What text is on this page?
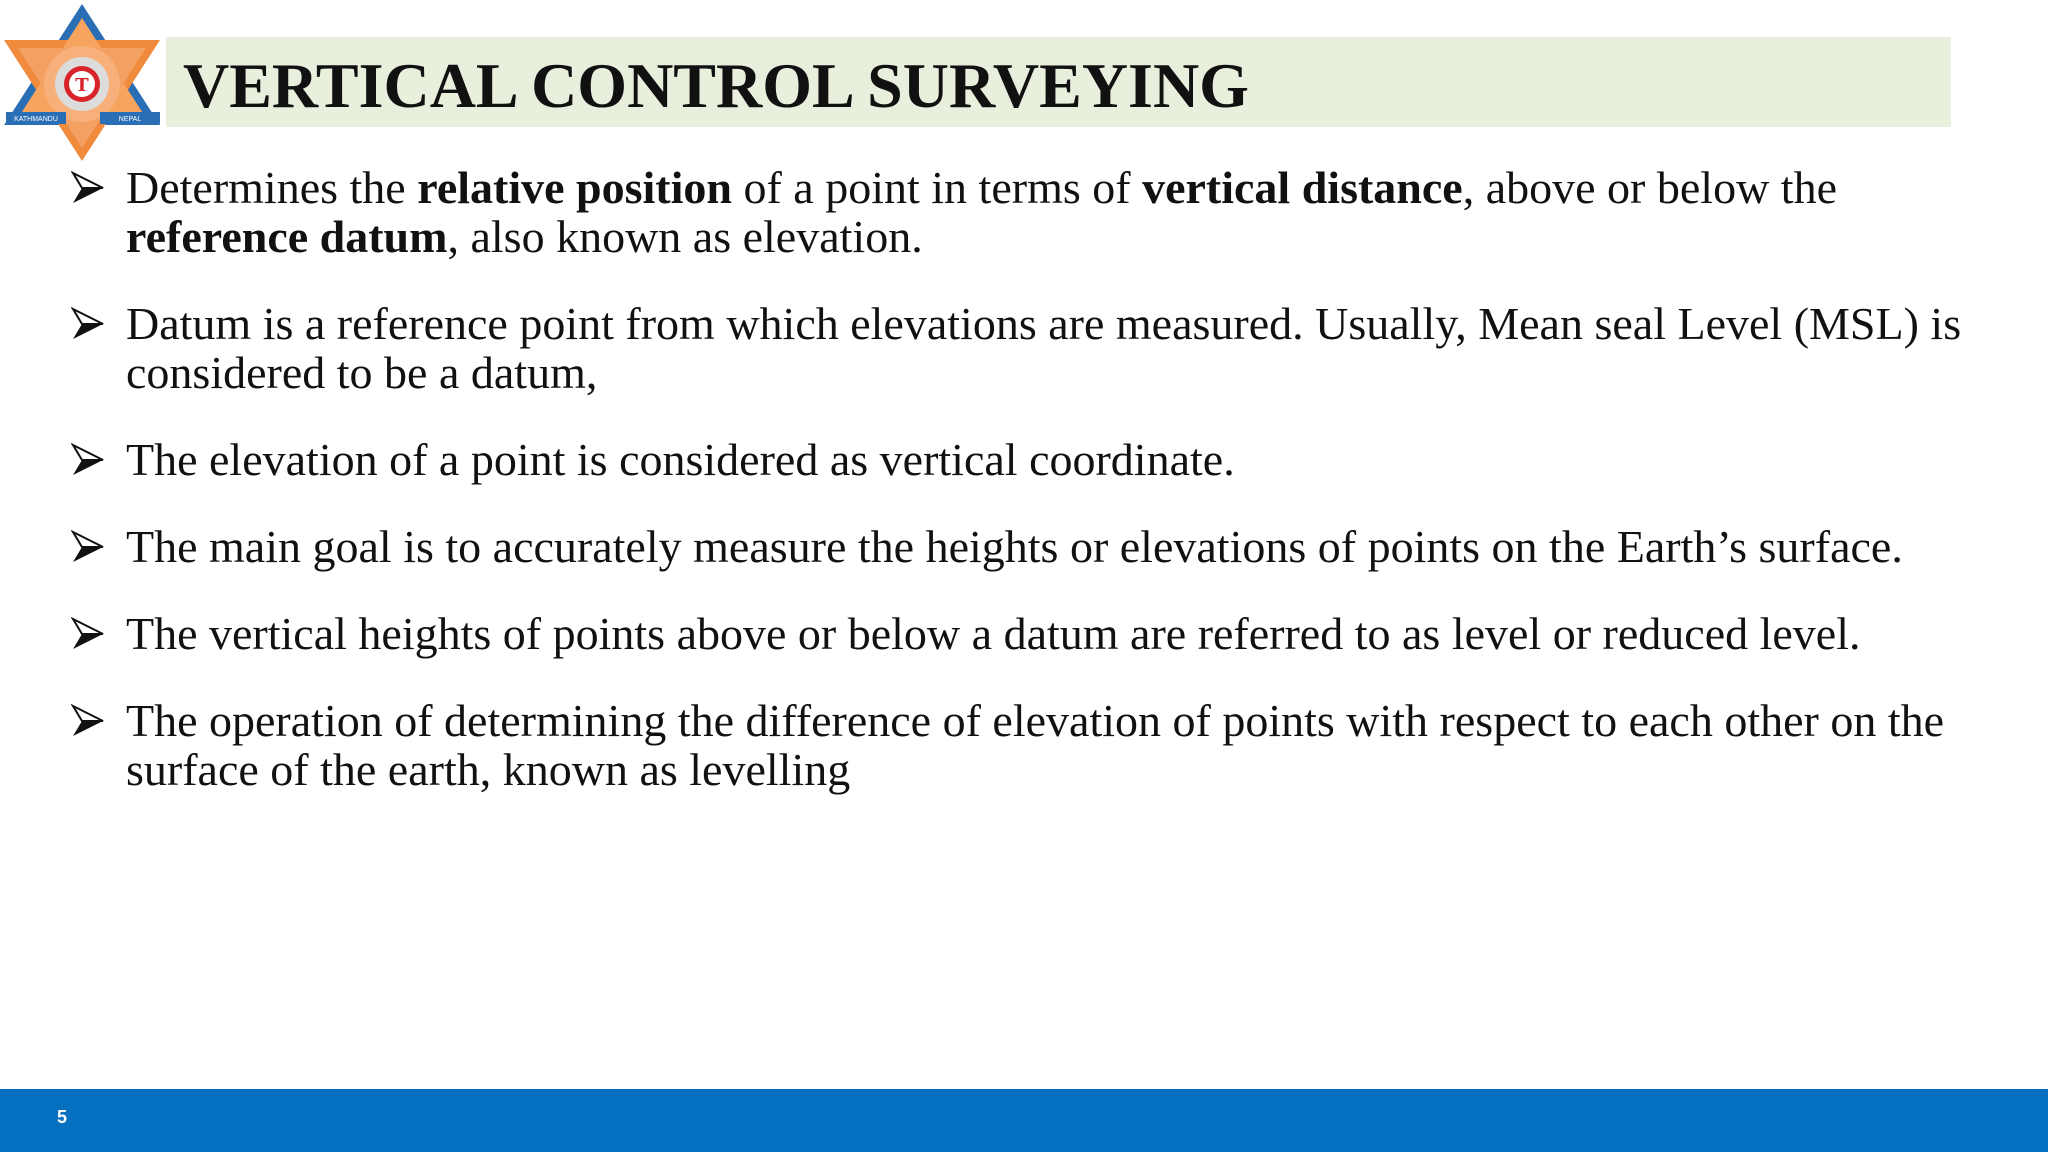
T
KATHMANDU	NEPAL VERTICAL CONTROL SURVEYING
Determines the relative position of a point in terms of vertical distance, above or below the reference datum, also known as elevation.
Datum is a reference point from which elevations are measured. Usually, Mean seal Level (MSL) is considered to be a datum,
The elevation of a point is considered as vertical coordinate.
The main goal is to accurately measure the heights or elevations of points on the Earth’s surface.
The vertical heights of points above or below a datum are referred to as level or reduced level.
The operation of determining the difference of elevation of points with respect to each other on the surface of the earth, known as levelling
5
